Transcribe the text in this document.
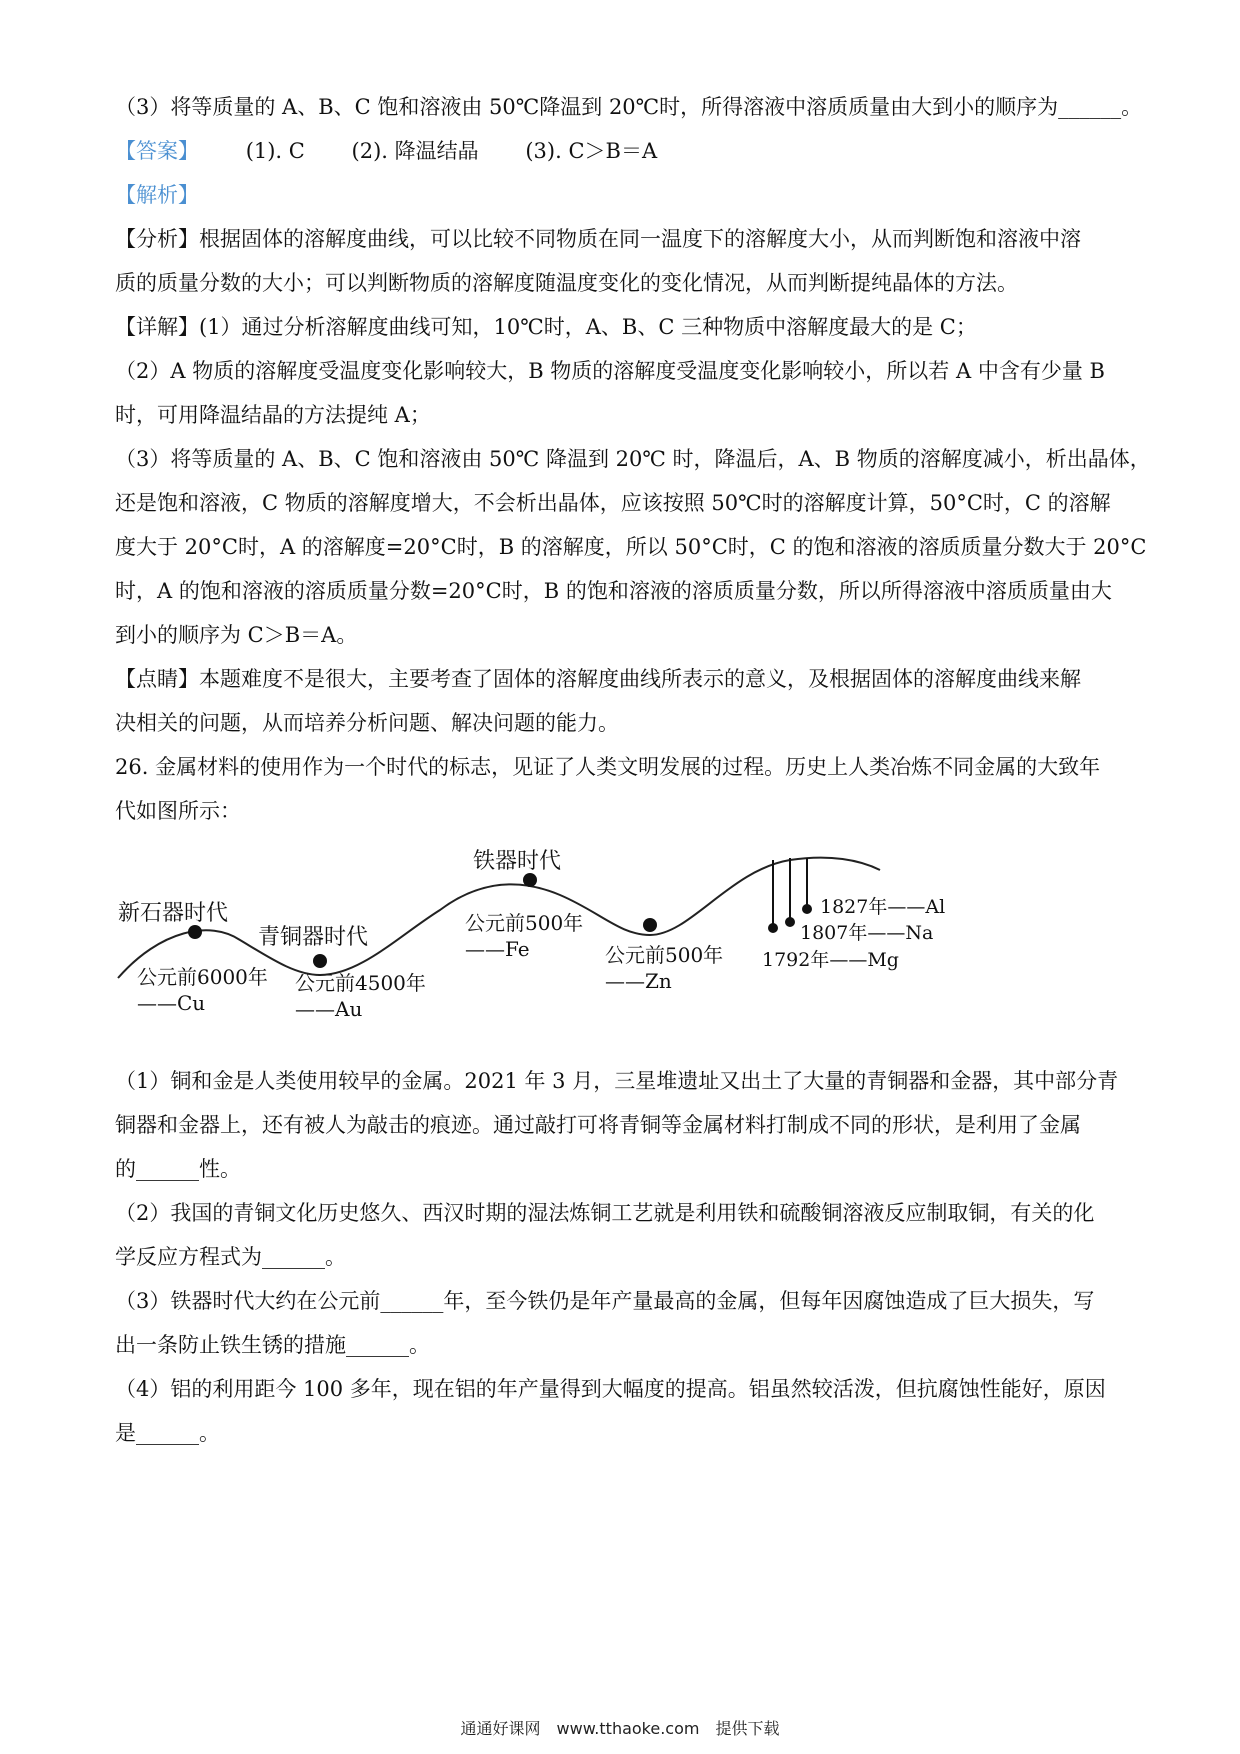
（3）将等质量的 A、B、C 饱和溶液由 50℃降温到 20℃时，所得溶液中溶质质量由大到小的顺序为______。
【答案】 (1). C (2). 降温结晶 (3). C＞B＝A
【解析】
【分析】根据固体的溶解度曲线，可以比较不同物质在同一温度下的溶解度大小，从而判断饱和溶液中溶
质的质量分数的大小；可以判断物质的溶解度随温度变化的变化情况，从而判断提纯晶体的方法。
【详解】(1）通过分析溶解度曲线可知，10℃时，A、B、C 三种物质中溶解度最大的是 C；
（2）A 物质的溶解度受温度变化影响较大，B 物质的溶解度受温度变化影响较小，所以若 A 中含有少量 B
时，可用降温结晶的方法提纯 A；
（3）将等质量的 A、B、C 饱和溶液由 50℃ 降温到 20℃ 时，降温后，A、B 物质的溶解度减小，析出晶体，
还是饱和溶液，C 物质的溶解度增大，不会析出晶体，应该按照 50℃时的溶解度计算，50°C时，C 的溶解
度大于 20°C时，A 的溶解度=20°C时，B 的溶解度，所以 50°C时，C 的饱和溶液的溶质质量分数大于 20°C
时，A 的饱和溶液的溶质质量分数=20°C时，B 的饱和溶液的溶质质量分数，所以所得溶液中溶质质量由大
到小的顺序为 C＞B＝A。
【点睛】本题难度不是很大，主要考查了固体的溶解度曲线所表示的意义，及根据固体的溶解度曲线来解
决相关的问题，从而培养分析问题、解决问题的能力。
26. 金属材料的使用作为一个时代的标志，见证了人类文明发展的过程。历史上人类冶炼不同金属的大致年
代如图所示：
新石器时代
青铜器时代
铁器时代
公元前6000年
——Cu
公元前4500年
——Au
公元前500年
——Fe	公元前500年
——Zn
1827年——Al
1807年——Na
1792年——Mg
（1）铜和金是人类使用较早的金属。2021 年 3 月，三星堆遗址又出土了大量的青铜器和金器，其中部分青
铜器和金器上，还有被人为敲击的痕迹。通过敲打可将青铜等金属材料打制成不同的形状，是利用了金属
的______性。
（2）我国的青铜文化历史悠久、西汉时期的湿法炼铜工艺就是利用铁和硫酸铜溶液反应制取铜，有关的化
学反应方程式为______。
（3）铁器时代大约在公元前______年，至今铁仍是年产量最高的金属，但每年因腐蚀造成了巨大损失，写
出一条防止铁生锈的措施______。
（4）铝的利用距今 100 多年，现在铝的年产量得到大幅度的提高。铝虽然较活泼，但抗腐蚀性能好，原因
是______。
通通好课网　www.tthaoke.com　提供下载
